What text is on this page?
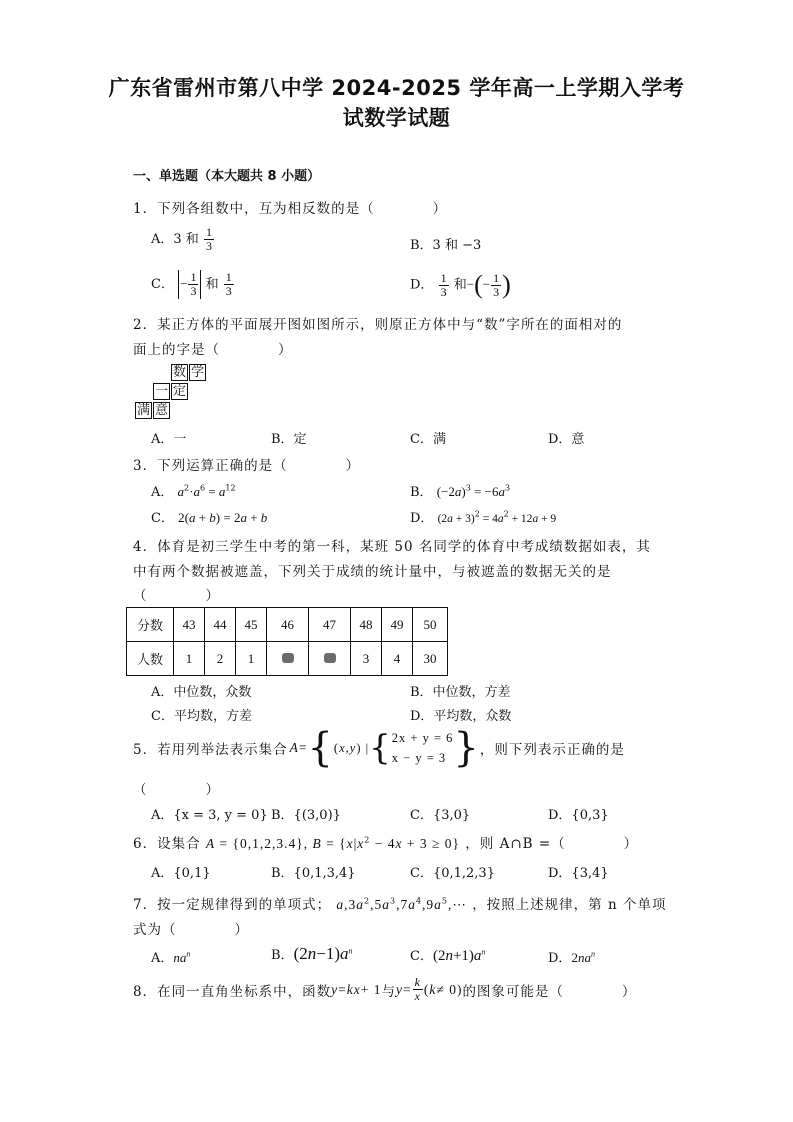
广东省雷州市第八中学 2024-2025 学年高一上学期入学考
试数学试题
一、单选题（本大题共 8 小题）
1．下列各组数中，互为相反数的是（　　　　）
A．3 和 $\frac{1}{3}$	B．3 和 −3
C． − $\frac{1}{3}$ 和 $\frac{1}{3}$	D． $\frac{1}{3}$ 和−(− $\frac{1}{3}$ )
2．某正方体的平面展开图如图所示，则原正方体中与“数”字所在的面相对的
面上的字是（　　　　）
数 学
一 定
满 意
A．一	B．定	C．满	D．意
3．下列运算正确的是（　　　　）
A． $a^2\cdot a^6 = a^{12}$	B． $(-2a)^3 = -6a^3$
C． 2(a + b) = 2a + b	D． $(2a + 3)^2 = 4a^2 + 12a + 9$
4．体育是初三学生中考的第一科，某班 50 名同学的体育中考成绩数据如表，其
中有两个数据被遮盖，下列关于成绩的统计量中，与被遮盖的数据无关的是
（　　　　）
分数	43	44	45	46	47	48	49	50
人数	1	2	1			3	4	30
A．中位数，众数	B．中位数，方差
C．平均数，方差	D．平均数，众数
5．若用列举法表示集合 A = { ( x , y ) | { 2x + y = 6
x − y = 3 } ，则下列表示正确的是
（　　　　）
A．{x = 3, y = 0} B．{(3,0)}	C．{3,0}	D．{0,3}
6．设集合 A = {0,1,2,3.4}, $B = \{x|x^2 - 4x + 3 \ge 0\}$ ，则 A∩B =（　　　　）
A．{0,1}	B．{0,1,3,4}	C．{0,1,2,3}	D．{3,4}
7．按一定规律得到的单项式； $a,3a^2,5a^3,7a^4,9a^5,\cdots$ ，按照上述规律，第 n 个单项
式为（　　　　）
A．$na^n$	B．$(2n-1)a^n$	C．$(2n+1)a^n$	D．$2na^n$
8．在同一直角坐标系中，函数 y = kx + 1 与 $y = \frac{k}{x}$ ( k ≠ 0) 的图象可能是（　　　　）
